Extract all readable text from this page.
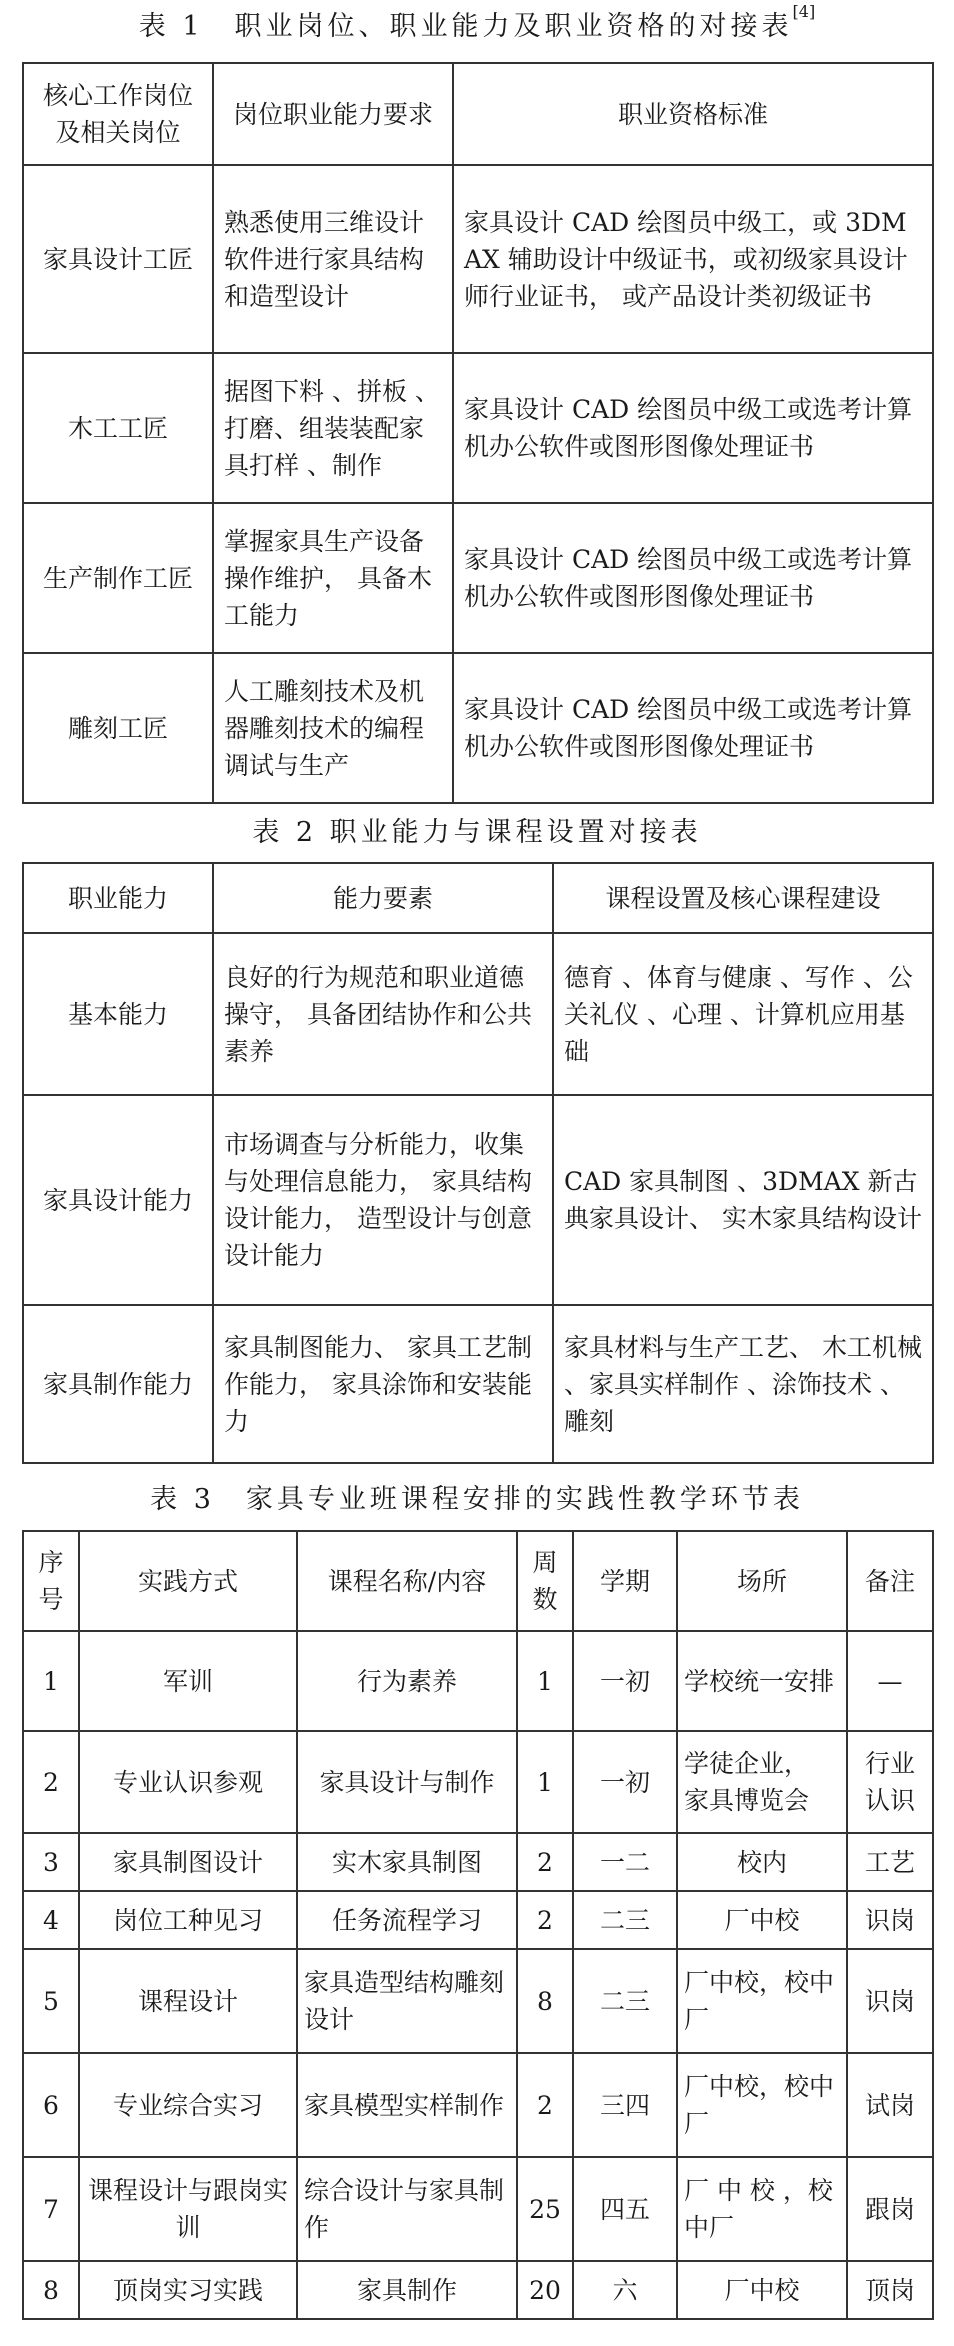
表 1　职业岗位、职业能力及职业资格的对接表[4]
核心工作岗位及相关岗位	岗位职业能力要求	职业资格标准
家具设计工匠	熟悉使用三维设计软件进行家具结构和造型设计	家具设计 CAD 绘图员中级工，或 3DMAX 辅助设计中级证书，或初级家具设计师行业证书， 或产品设计类初级证书
木工工匠	据图下料 、拼板 、打磨、组装装配家具打样 、制作	家具设计 CAD 绘图员中级工或选考计算机办公软件或图形图像处理证书
生产制作工匠	掌握家具生产设备操作维护， 具备木工能力	家具设计 CAD 绘图员中级工或选考计算机办公软件或图形图像处理证书
雕刻工匠	人工雕刻技术及机器雕刻技术的编程调试与生产	家具设计 CAD 绘图员中级工或选考计算机办公软件或图形图像处理证书
表 2 职业能力与课程设置对接表
职业能力	能力要素	课程设置及核心课程建设
基本能力	良好的行为规范和职业道德操守， 具备团结协作和公共素养	德育 、体育与健康 、写作 、公关礼仪 、心理 、计算机应用基础
家具设计能力	市场调查与分析能力，收集与处理信息能力， 家具结构设计能力， 造型设计与创意设计能力	CAD 家具制图 、3DMAX 新古典家具设计、 实木家具结构设计
家具制作能力	家具制图能力、 家具工艺制作能力， 家具涂饰和安装能力	家具材料与生产工艺、 木工机械 、家具实样制作 、涂饰技术 、雕刻
表 3　家具专业班课程安排的实践性教学环节表
序号	实践方式	课程名称/内容	周数	学期	场所	备注
1	军训	行为素养	1	一初	学校统一安排	—
2	专业认识参观	家具设计与制作	1	一初	学徒企业， 家具博览会	行业认识
3	家具制图设计	实木家具制图	2	一二	校内	工艺
4	岗位工种见习	任务流程学习	2	二三	厂中校	识岗
5	课程设计	家具造型结构雕刻设计	8	二三	厂中校，校中厂	识岗
6	专业综合实习	家具模型实样制作	2	三四	厂中校，校中厂	试岗
7	课程设计与跟岗实训	综合设计与家具制作	25	四五	厂 中 校 ，校中厂	跟岗
8	顶岗实习实践	家具制作	20	六	厂中校	顶岗
